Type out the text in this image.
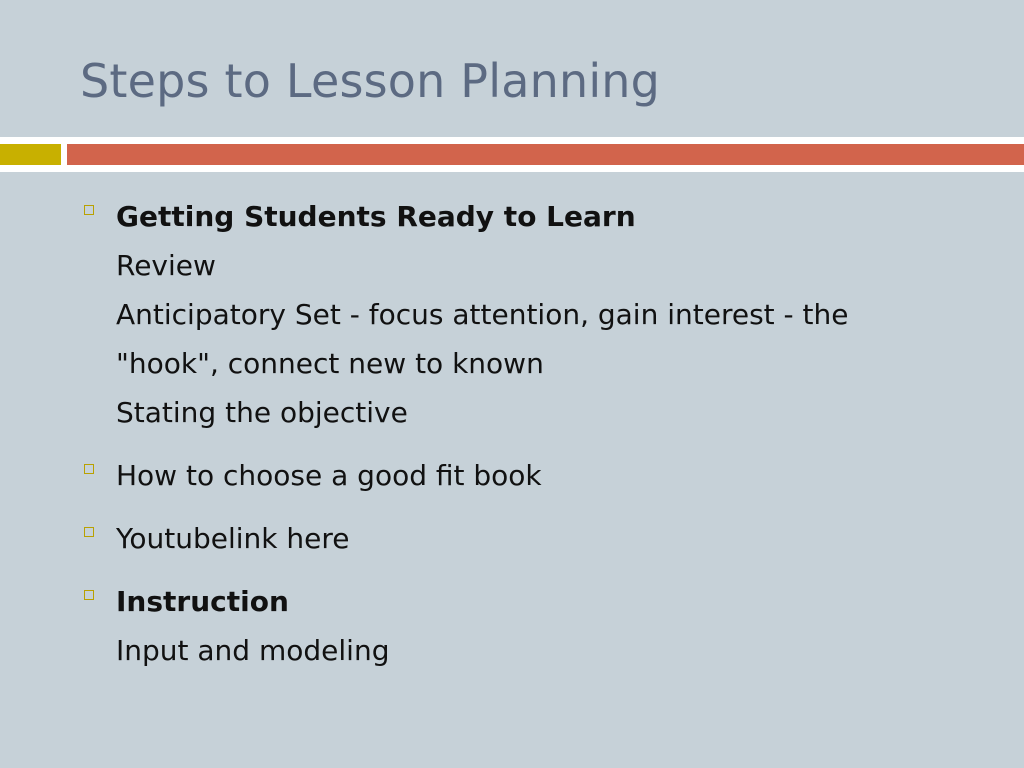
Steps to Lesson Planning
Getting Students Ready to Learn
Review
Anticipatory Set - focus attention, gain interest - the
"hook", connect new to known
Stating the objective
How to choose a good fit book
Youtubelink here
Instruction
Input and modeling
